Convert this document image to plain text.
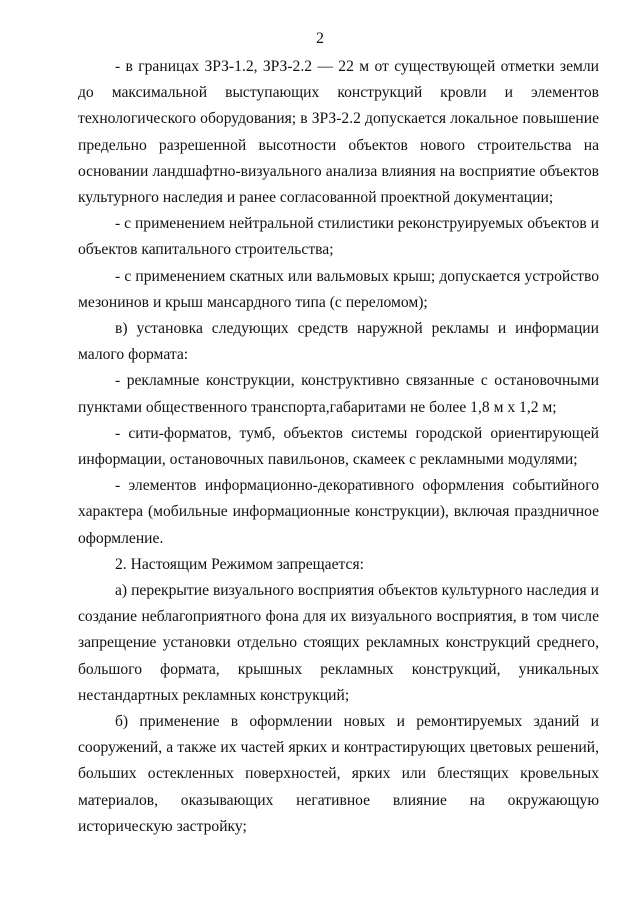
2

- в границах ЗРЗ-1.2, ЗРЗ-2.2 — 22 м от существующей отметки земли до максимальной выступающих конструкций кровли и элементов технологического оборудования; в ЗРЗ-2.2 допускается локальное повышение предельно разрешенной высотности объектов нового строительства на основании ландшафтно-визуального анализа влияния на восприятие объектов культурного наследия и ранее согласованной проектной документации;

- с применением нейтральной стилистики реконструируемых объектов и объектов капитального строительства;

- с применением скатных или вальмовых крыш; допускается устройство мезонинов и крыш мансардного типа (с переломом);

в) установка следующих средств наружной рекламы и информации малого формата:

- рекламные конструкции, конструктивно связанные с остановочными пунктами общественного транспорта,габаритами не более 1,8 м х 1,2 м;

- сити-форматов, тумб, объектов системы городской ориентирующей информации, остановочных павильонов, скамеек с рекламными модулями;

- элементов информационно-декоративного оформления событийного характера (мобильные информационные конструкции), включая праздничное оформление.

2. Настоящим Режимом запрещается:

а) перекрытие визуального восприятия объектов культурного наследия и создание неблагоприятного фона для их визуального восприятия, в том числе запрещение установки отдельно стоящих рекламных конструкций среднего, большого формата, крышных рекламных конструкций, уникальных нестандартных рекламных конструкций;

б) применение в оформлении новых и ремонтируемых зданий и сооружений, а также их частей ярких и контрастирующих цветовых решений, больших остекленных поверхностей, ярких или блестящих кровельных материалов, оказывающих негативное влияние на окружающую историческую застройку;
